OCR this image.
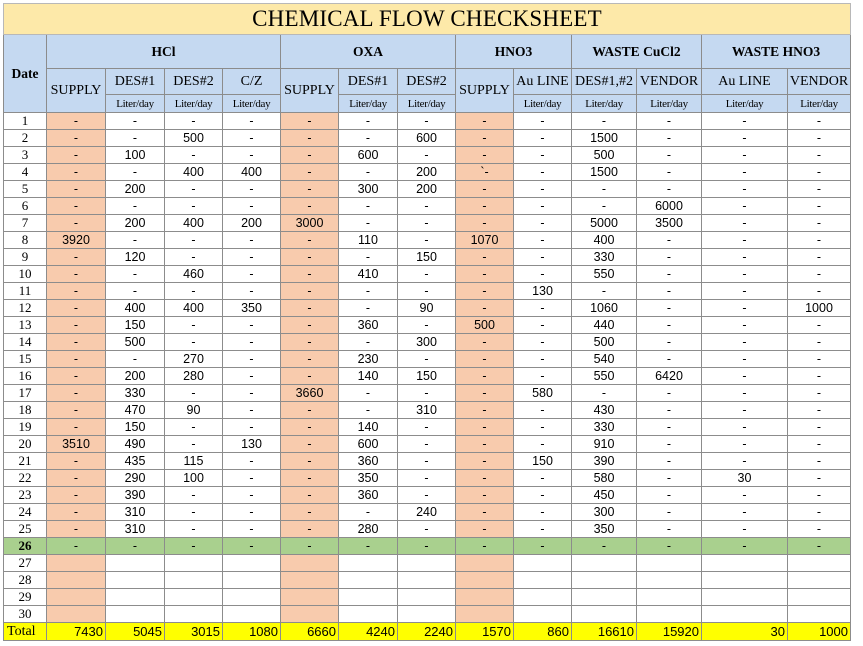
CHEMICAL FLOW CHECKSHEET													
Date	HCl				OXA			HNO3		WASTE CuCl2		WASTE HNO3	
	SUPPLY	DES#1	DES#2	C/Z	SUPPLY	DES#1	DES#2	SUPPLY	Au LINE	DES#1,#2	VENDOR	Au LINE	VENDOR
		Liter/day	Liter/day	Liter/day		Liter/day	Liter/day		Liter/day	Liter/day	Liter/day	Liter/day	Liter/day
1	-	-	-	-	-	-	-	-	-	-	-	-	-
2	-	-	500	-	-	-	600	-	-	1500	-	-	-
3	-	100	-	-	-	600	-	-	-	500	-	-	-
4	-	-	400	400	-	-	200	`-	-	1500	-	-	-
5	-	200	-	-	-	300	200	-	-	-	-	-	-
6	-	-	-	-	-	-	-	-	-	-	6000	-	-
7	-	200	400	200	3000	-	-	-	-	5000	3500	-	-
8	3920	-	-	-	-	110	-	1070	-	400	-	-	-
9	-	120	-	-	-	-	150	-	-	330	-	-	-
10	-	-	460	-	-	410	-	-	-	550	-	-	-
11	-	-	-	-	-	-	-	-	130	-	-	-	-
12	-	400	400	350	-	-	90	-	-	1060	-	-	1000
13	-	150	-	-	-	360	-	500	-	440	-	-	-
14	-	500	-	-	-	-	300	-	-	500	-	-	-
15	-	-	270	-	-	230	-	-	-	540	-	-	-
16	-	200	280	-	-	140	150	-	-	550	6420	-	-
17	-	330	-	-	3660	-	-	-	580	-	-	-	-
18	-	470	90	-	-	-	310	-	-	430	-	-	-
19	-	150	-	-	-	140	-	-	-	330	-	-	-
20	3510	490	-	130	-	600	-	-	-	910	-	-	-
21	-	435	115	-	-	360	-	-	150	390	-	-	-
22	-	290	100	-	-	350	-	-	-	580	-	30	-
23	-	390	-	-	-	360	-	-	-	450	-	-	-
24	-	310	-	-	-	-	240	-	-	300	-	-	-
25	-	310	-	-	-	280	-	-	-	350	-	-	-
26	-	-	-	-	-	-	-	-	-	-	-	-	-
27													
28													
29													
30													
Total	7430	5045	3015	1080	6660	4240	2240	1570	860	16610	15920	30	1000
